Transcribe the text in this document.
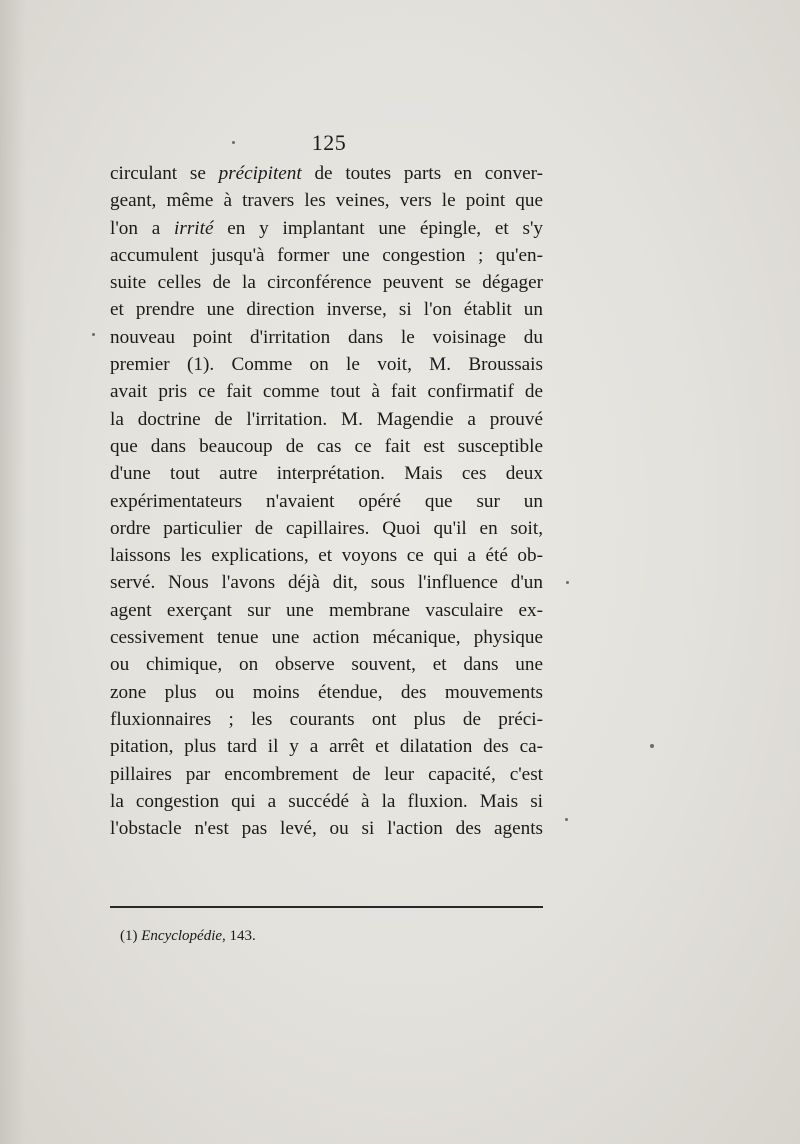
125
circulant se précipitent de toutes parts en conver-
geant, même à travers les veines, vers le point que
l'on a irrité en y implantant une épingle, et s'y
accumulent jusqu'à former une congestion ; qu'en-
suite celles de la circonférence peuvent se dégager
et prendre une direction inverse, si l'on établit un
nouveau point d'irritation dans le voisinage du
premier (1). Comme on le voit, M. Broussais
avait pris ce fait comme tout à fait confirmatif de
la doctrine de l'irritation. M. Magendie a prouvé
que dans beaucoup de cas ce fait est susceptible
d'une tout autre interprétation. Mais ces deux
expérimentateurs n'avaient opéré que sur un
ordre particulier de capillaires. Quoi qu'il en soit,
laissons les explications, et voyons ce qui a été ob-
servé. Nous l'avons déjà dit, sous l'influence d'un
agent exerçant sur une membrane vasculaire ex-
cessivement tenue une action mécanique, physique
ou chimique, on observe souvent, et dans une
zone plus ou moins étendue, des mouvements
fluxionnaires ; les courants ont plus de préci-
pitation, plus tard il y a arrêt et dilatation des ca-
pillaires par encombrement de leur capacité, c'est
la congestion qui a succédé à la fluxion. Mais si
l'obstacle n'est pas levé, ou si l'action des agents
(1) Encyclopédie, 143.
